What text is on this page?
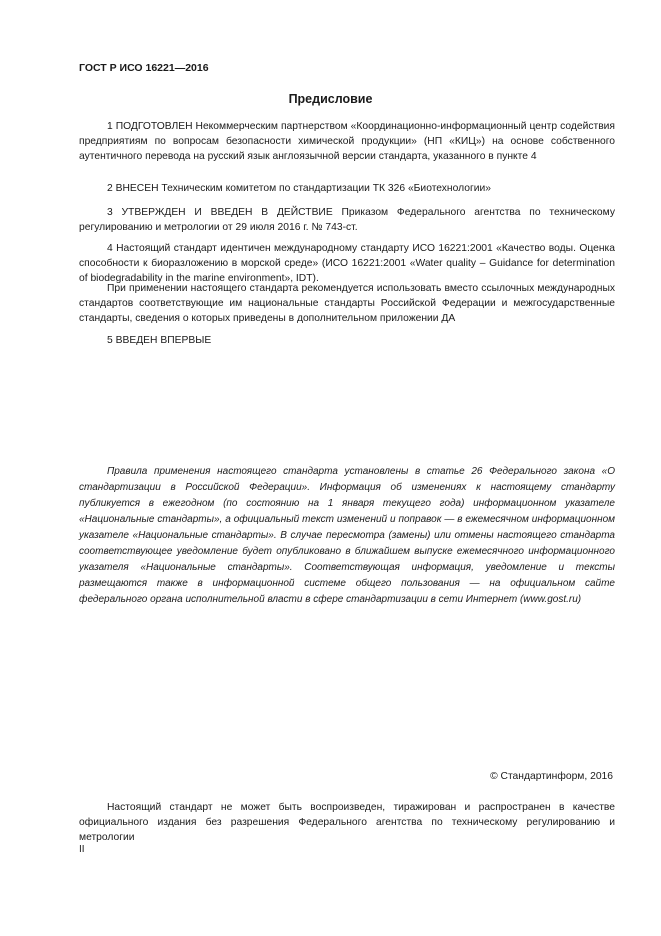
ГОСТ Р ИСО 16221—2016
Предисловие

1 ПОДГОТОВЛЕН Некоммерческим партнерством «Координационно-информационный центр содействия предприятиям по вопросам безопасности химической продукции» (НП «КИЦ») на основе собственного аутентичного перевода на русский язык англоязычной версии стандарта, указанного в пункте 4

2 ВНЕСЕН Техническим комитетом по стандартизации ТК 326 «Биотехнологии»

3 УТВЕРЖДЕН И ВВЕДЕН В ДЕЙСТВИЕ Приказом Федерального агентства по техническому регулированию и метрологии от 29 июля 2016 г. № 743-ст.

4 Настоящий стандарт идентичен международному стандарту ИСО 16221:2001 «Качество воды. Оценка способности к биоразложению в морской среде» (ИСО 16221:2001 «Water quality – Guidance for determination of biodegradability in the marine environment», IDT).

При применении настоящего стандарта рекомендуется использовать вместо ссылочных международных стандартов соответствующие им национальные стандарты Российской Федерации и межгосударственные стандарты, сведения о которых приведены в дополнительном приложении ДА

5 ВВЕДЕН ВПЕРВЫЕ

Правила применения настоящего стандарта установлены в статье 26 Федерального закона «О стандартизации в Российской Федерации». Информация об изменениях к настоящему стандарту публикуется в ежегодном (по состоянию на 1 января текущего года) информационном указателе «Национальные стандарты», а официальный текст изменений и поправок — в ежемесячном информационном указателе «Национальные стандарты». В случае пересмотра (замены) или отмены настоящего стандарта соответствующее уведомление будет опубликовано в ближайшем выпуске ежемесячного информационного указателя «Национальные стандарты». Соответствующая информация, уведомление и тексты размещаются также в информационной системе общего пользования — на официальном сайте федерального органа исполнительной власти в сфере стандартизации в сети Интернет (www.gost.ru)

© Стандартинформ, 2016

Настоящий стандарт не может быть воспроизведен, тиражирован и распространен в качестве официального издания без разрешения Федерального агентства по техническому регулированию и метрологии

II
